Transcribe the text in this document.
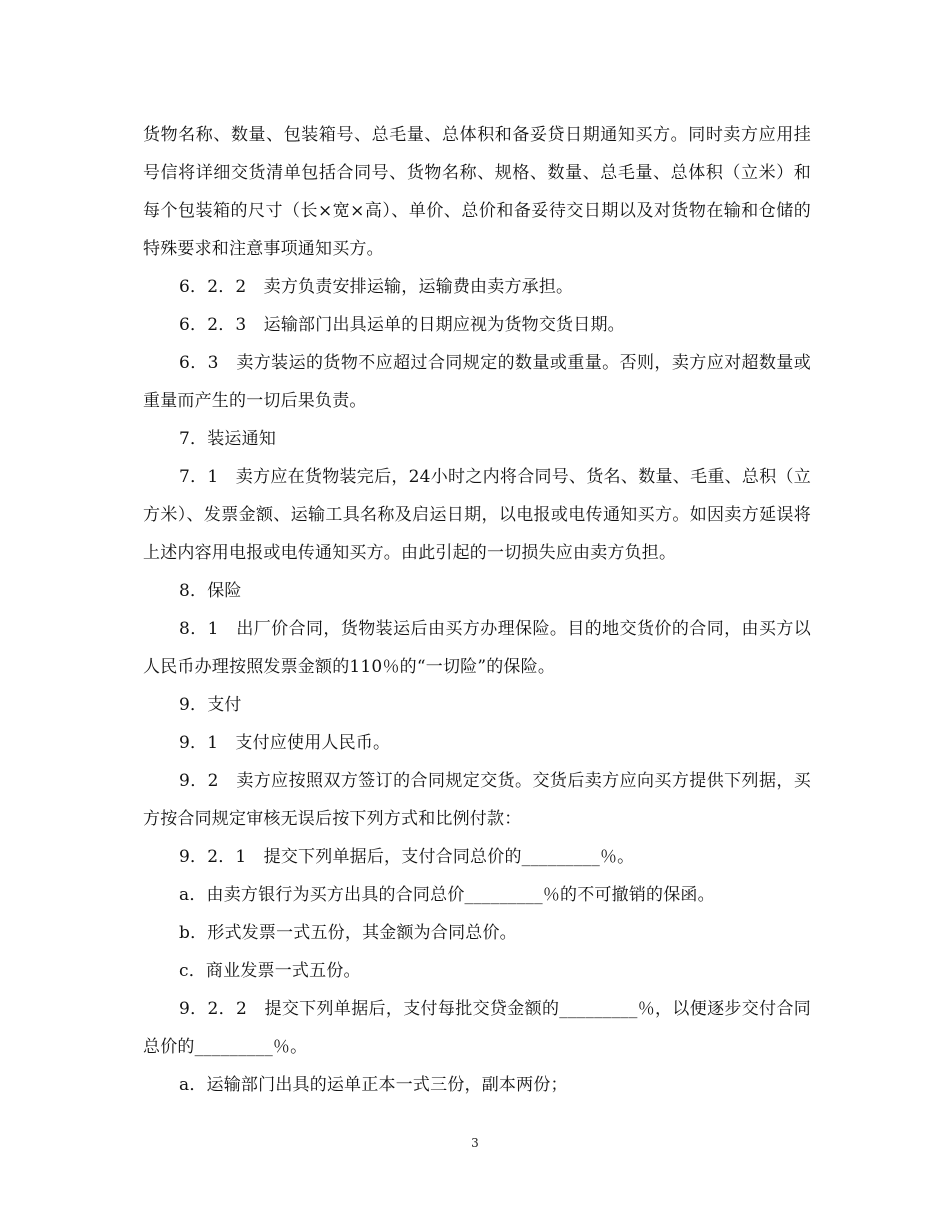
货物名称、数量、包装箱号、总毛量、总体积和备妥贷日期通知买方。同时卖方应用挂号信将详细交货清单包括合同号、货物名称、规格、数量、总毛量、总体积（立米）和每个包装箱的尺寸（长×宽×高）、单价、总价和备妥待交日期以及对货物在输和仓储的特殊要求和注意事项通知买方。

6．2．2　卖方负责安排运输，运输费由卖方承担。

6．2．3　运输部门出具运单的日期应视为货物交货日期。

6．3　卖方装运的货物不应超过合同规定的数量或重量。否则，卖方应对超数量或重量而产生的一切后果负责。

7．装运通知

7．1　卖方应在货物装完后，24小时之内将合同号、货名、数量、毛重、总积（立方米）、发票金额、运输工具名称及启运日期，以电报或电传通知买方。如因卖方延误将上述内容用电报或电传通知买方。由此引起的一切损失应由卖方负担。

8．保险

8．1　出厂价合同，货物装运后由买方办理保险。目的地交货价的合同，由买方以人民币办理按照发票金额的110％的“一切险”的保险。

9．支付

9．1　支付应使用人民币。

9．2　卖方应按照双方签订的合同规定交货。交货后卖方应向买方提供下列据，买方按合同规定审核无误后按下列方式和比例付款：

9．2．1　提交下列单据后，支付合同总价的_________％。

a．由卖方银行为买方出具的合同总价_________％的不可撤销的保函。

b．形式发票一式五份，其金额为合同总价。

c．商业发票一式五份。

9．2．2　提交下列单据后，支付每批交贷金额的_________％，以便逐步交付合同总价的_________％。

a．运输部门出具的运单正本一式三份，副本两份；

3
